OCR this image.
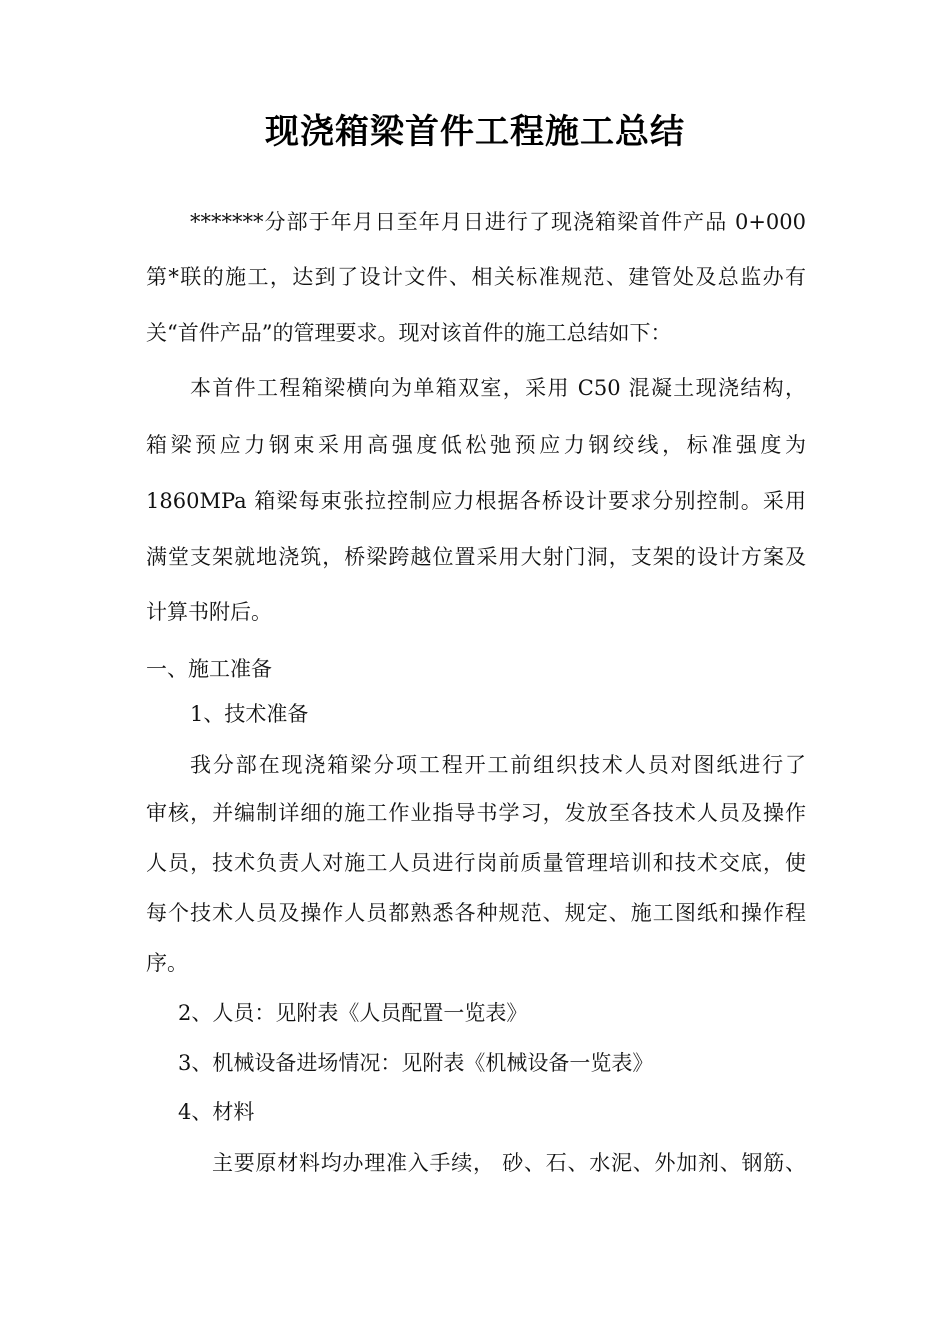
现浇箱梁首件工程施工总结
*******分部于年月日至年月日进行了现浇箱梁首件产品 0+000
第*联的施工，达到了设计文件、相关标准规范、建管处及总监办有
关“首件产品”的管理要求。现对该首件的施工总结如下：
本首件工程箱梁横向为单箱双室，采用 C50 混凝土现浇结构，
箱梁预应力钢束采用高强度低松弛预应力钢绞线，标准强度为
1860MPa 箱梁每束张拉控制应力根据各桥设计要求分别控制。采用
满堂支架就地浇筑，桥梁跨越位置采用大射门洞，支架的设计方案及
计算书附后。
一、施工准备
1、技术准备
我分部在现浇箱梁分项工程开工前组织技术人员对图纸进行了
审核，并编制详细的施工作业指导书学习，发放至各技术人员及操作
人员，技术负责人对施工人员进行岗前质量管理培训和技术交底，使
每个技术人员及操作人员都熟悉各种规范、规定、施工图纸和操作程
序。
2、人员：见附表《人员配置一览表》
3、机械设备进场情况：见附表《机械设备一览表》
4、材料
主要原材料均办理准入手续， 砂、石、水泥、外加剂、钢筋、
